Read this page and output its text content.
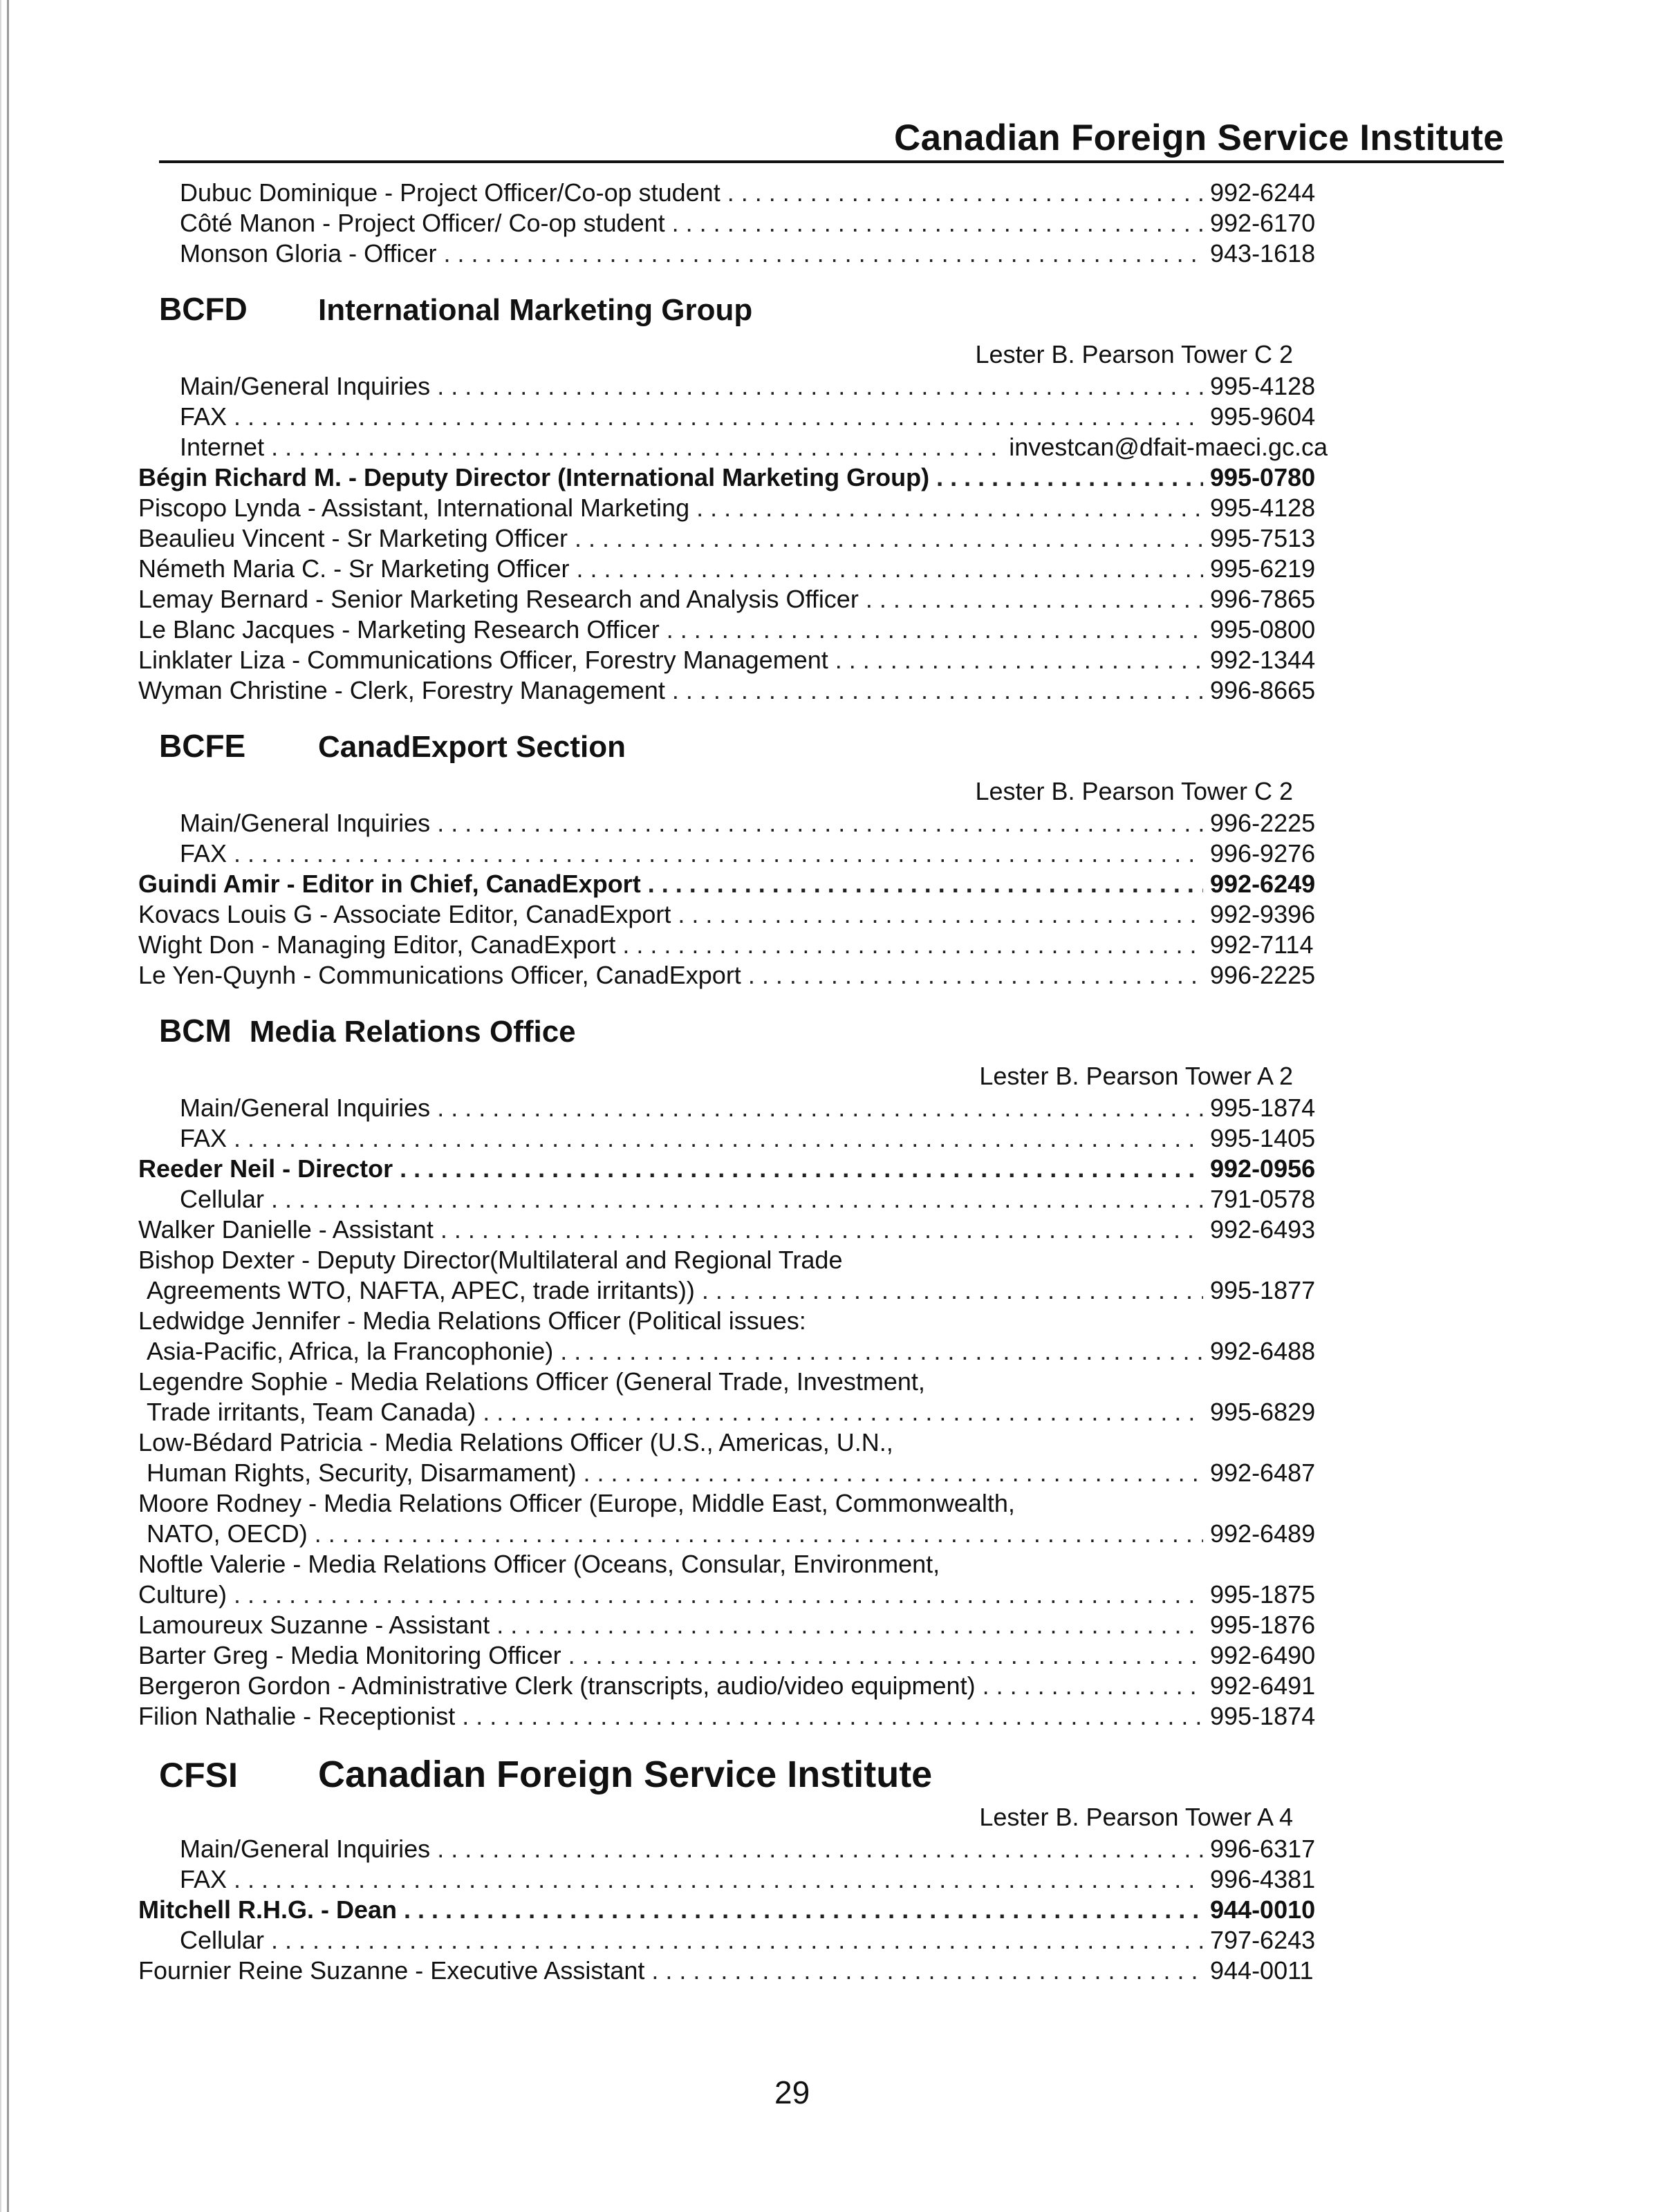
Canadian Foreign Service Institute
Dubuc Dominique - Project Officer/Co-op student . . .	992-6244
Côté Manon - Project Officer/ Co-op student . . .	992-6170
Monson Gloria - Officer . . .	943-1618
BCFD	International Marketing Group
Lester B. Pearson Tower C 2
Main/General Inquiries . . .	995-4128
FAX . . .	995-9604
Internet . . .	investcan@dfait-maeci.gc.ca
Bégin Richard M. - Deputy Director (International Marketing Group) . . .	995-0780
Piscopo Lynda - Assistant, International Marketing . . .	995-4128
Beaulieu Vincent - Sr Marketing Officer . . .	995-7513
Németh Maria C. - Sr Marketing Officer . . .	995-6219
Lemay Bernard - Senior Marketing Research and Analysis Officer . . .	996-7865
Le Blanc Jacques - Marketing Research Officer . . .	995-0800
Linklater Liza - Communications Officer, Forestry Management . . .	992-1344
Wyman Christine - Clerk, Forestry Management . . .	996-8665
BCFE	CanadExport Section
Lester B. Pearson Tower C 2
Main/General Inquiries . . .	996-2225
FAX . . .	996-9276
Guindi Amir - Editor in Chief, CanadExport . . .	992-6249
Kovacs Louis G - Associate Editor, CanadExport . . .	992-9396
Wight Don - Managing Editor, CanadExport . . .	992-7114
Le Yen-Quynh - Communications Officer, CanadExport . . .	996-2225
BCM Media Relations Office
Lester B. Pearson Tower A 2
Main/General Inquiries . . .	995-1874
FAX . . .	995-1405
Reeder Neil - Director . . .	992-0956
Cellular . . .	791-0578
Walker Danielle - Assistant . . .	992-6493
Bishop Dexter - Deputy Director(Multilateral and Regional Trade
Agreements WTO, NAFTA, APEC, trade irritants)) . . .	995-1877
Ledwidge Jennifer - Media Relations Officer (Political issues:
Asia-Pacific, Africa, la Francophonie) . . .	992-6488
Legendre Sophie - Media Relations Officer (General Trade, Investment,
Trade irritants, Team Canada) . . .	995-6829
Low-Bédard Patricia - Media Relations Officer (U.S., Americas, U.N.,
Human Rights, Security, Disarmament) . . .	992-6487
Moore Rodney - Media Relations Officer (Europe, Middle East, Commonwealth,
NATO, OECD) . . .	992-6489
Noftle Valerie - Media Relations Officer (Oceans, Consular, Environment,
Culture) . . .	995-1875
Lamoureux Suzanne - Assistant . . .	995-1876
Barter Greg - Media Monitoring Officer . . .	992-6490
Bergeron Gordon - Administrative Clerk (transcripts, audio/video equipment) . . .	992-6491
Filion Nathalie - Receptionist . . .	995-1874
CFSI	Canadian Foreign Service Institute
Lester B. Pearson Tower A 4
Main/General Inquiries . . .	996-6317
FAX . . .	996-4381
Mitchell R.H.G. - Dean . . .	944-0010
Cellular . . .	797-6243
Fournier Reine Suzanne - Executive Assistant . . .	944-0011
29
